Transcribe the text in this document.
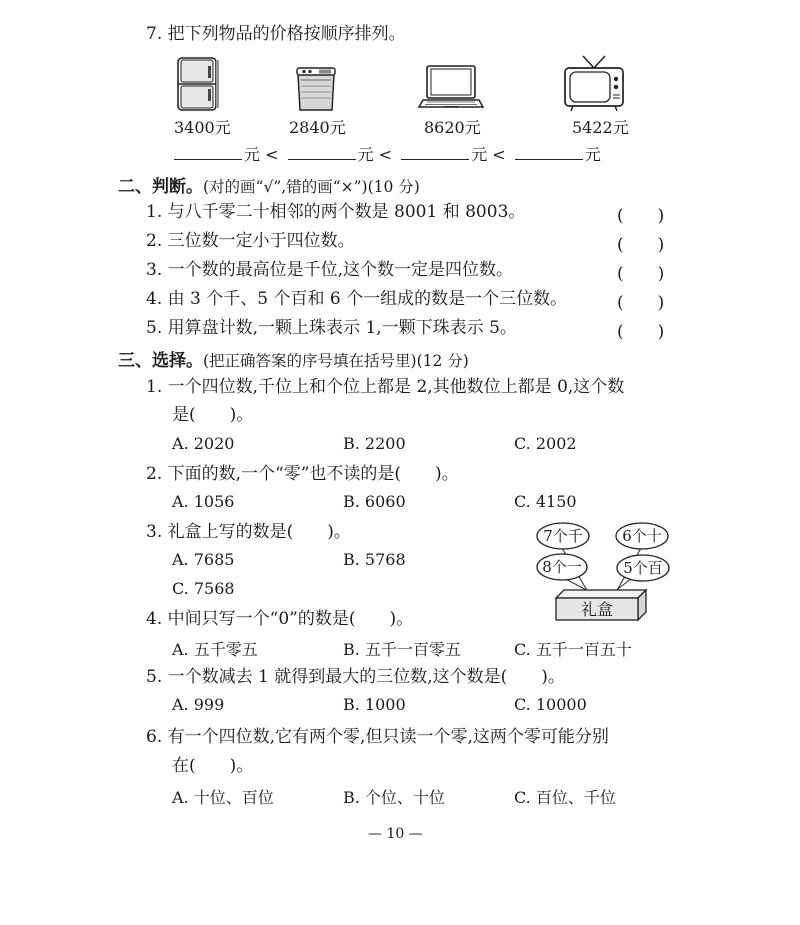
7. 把下列物品的价格按顺序排列。
3400元	2840元	8620元	5422元
元 <	元 <	元 <	元
二、判断。(对的画“√”,错的画“×”)(10 分)
1. 与八千零二十相邻的两个数是 8001 和 8003。	(　　)
2. 三位数一定小于四位数。	(　　)
3. 一个数的最高位是千位,这个数一定是四位数。	(　　)
4. 由 3 个千、5 个百和 6 个一组成的数是一个三位数。	(　　)
5. 用算盘计数,一颗上珠表示 1,一颗下珠表示 5。	(　　)
三、选择。(把正确答案的序号填在括号里)(12 分)
1. 一个四位数,千位上和个位上都是 2,其他数位上都是 0,这个数
是(　　)。
A. 2020	B. 2200	C. 2002
2. 下面的数,一个“零”也不读的是(　　)。
A. 1056	B. 6060	C. 4150
3. 礼盒上写的数是(　　)。
A. 7685	B. 5768
C. 7568
7个千	6个十
8个一	5个百
礼盒
4. 中间只写一个“0”的数是(　　)。
A. 五千零五	B. 五千一百零五	C. 五千一百五十
5. 一个数减去 1 就得到最大的三位数,这个数是(　　)。
A. 999	B. 1000	C. 10000
6. 有一个四位数,它有两个零,但只读一个零,这两个零可能分别
在(　　)。
A. 十位、百位	B. 个位、十位	C. 百位、千位
— 10 —
